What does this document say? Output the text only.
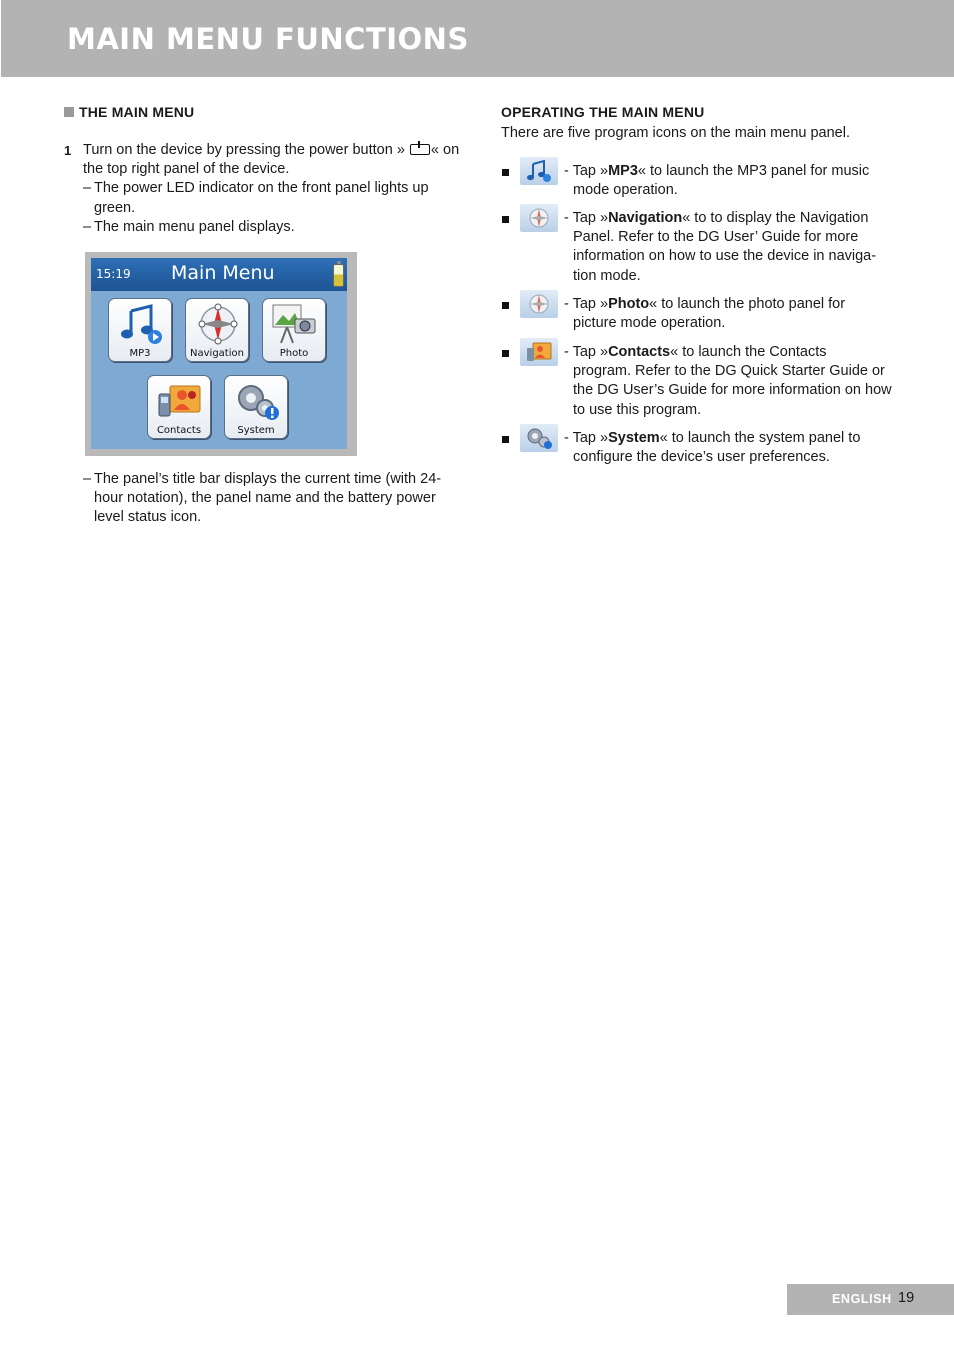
MAIN MENU FUNCTIONS
THE MAIN MENU
1 Turn on the device by pressing the power button » « on the top right panel of the device.
– The power LED indicator on the front panel lights up green.
– The main menu panel displays.
15:19 Main Menu
MP3	Navigation	Photo
Contacts	System
– The panel’s title bar displays the current time (with 24-hour notation), the panel name and the battery power level status icon.
OPERATING THE MAIN MENU
There are five program icons on the main menu panel.
- Tap »MP3« to launch the MP3 panel for music
mode operation.
- Tap »Navigation« to to display the Navigation
Panel. Refer to the DG User’ Guide for more information on how to use the device in naviga-tion mode.
- Tap »Photo« to launch the photo panel for
picture mode operation.
- Tap »Contacts« to launch the Contacts
program. Refer to the DG Quick Starter Guide or the DG User’s Guide for more information on how to use this program.
- Tap »System« to launch the system panel to
configure the device’s user preferences.
ENGLISH 19
